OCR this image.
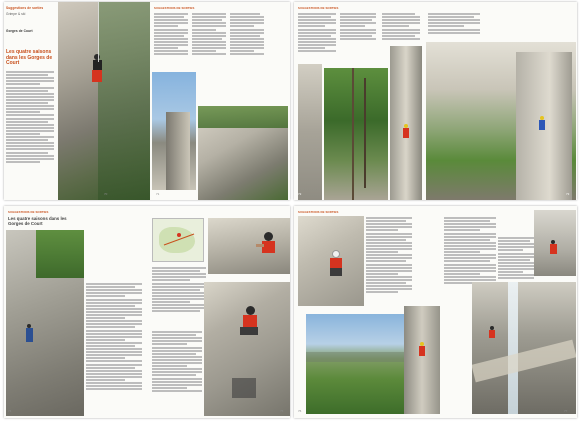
Suggestions de sorties
Grimpe & ski
Gorges de Court
Les quatre saisons dans les Gorges de Court
SUGGESTIONS DE SORTIES
70	71
SUGGESTIONS DE SORTIES
72	73
SUGGESTIONS DE SORTIES
Les quatre saisons dans les Gorges de Court
74	75
SUGGESTIONS DE SORTIES
76	77
